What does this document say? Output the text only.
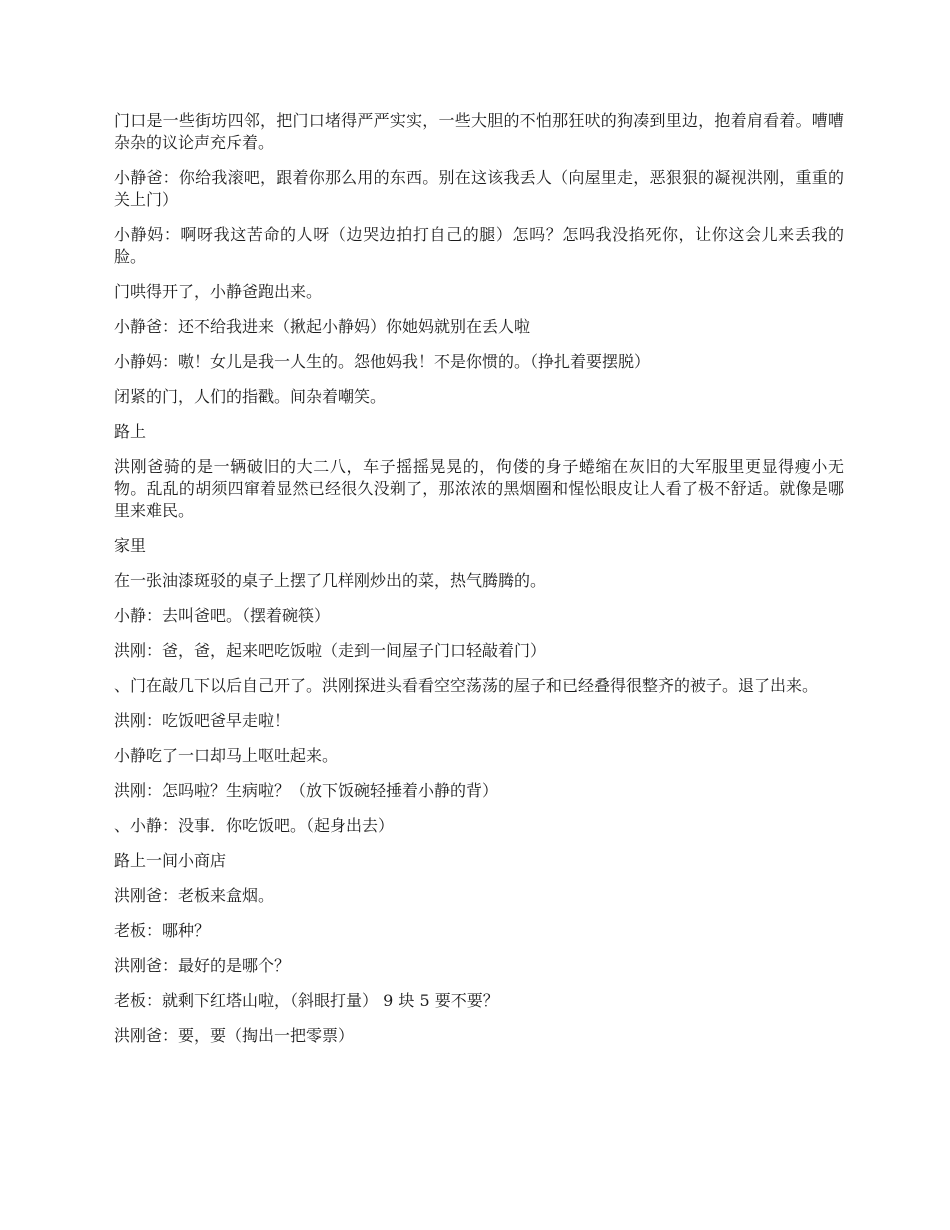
门口是一些街坊四邻，把门口堵得严严实实，一些大胆的不怕那狂吠的狗凑到里边，抱着肩看着。嘈嘈杂杂的议论声充斥着。

小静爸：你给我滚吧，跟着你那么用的东西。别在这该我丢人（向屋里走，恶狠狠的凝视洪刚，重重的关上门）

小静妈：啊呀我这苦命的人呀（边哭边拍打自己的腿）怎吗？怎吗我没掐死你，让你这会儿来丢我的脸。

门哄得开了，小静爸跑出来。

小静爸：还不给我进来（揪起小静妈）你她妈就别在丢人啦

小静妈：嗷！女儿是我一人生的。怨他妈我！不是你惯的。（挣扎着要摆脱）

闭紧的门，人们的指戳。间杂着嘲笑。

路上

洪刚爸骑的是一辆破旧的大二八，车子摇摇晃晃的，佝偻的身子蜷缩在灰旧的大军服里更显得瘦小无物。乱乱的胡须四窜着显然已经很久没剃了，那浓浓的黑烟圈和惺忪眼皮让人看了极不舒适。就像是哪里来难民。

家里

在一张油漆斑驳的桌子上摆了几样刚炒出的菜，热气腾腾的。

小静：去叫爸吧。（摆着碗筷）

洪刚：爸，爸，起来吧吃饭啦（走到一间屋子门口轻敲着门）

、门在敲几下以后自己开了。洪刚探进头看看空空荡荡的屋子和已经叠得很整齐的被子。退了出来。

洪刚：吃饭吧爸早走啦！

小静吃了一口却马上呕吐起来。

洪刚：怎吗啦？生病啦？（放下饭碗轻捶着小静的背）

、小静：没事．你吃饭吧。（起身出去）

路上一间小商店

洪刚爸：老板来盒烟。

老板：哪种？

洪刚爸：最好的是哪个？

老板：就剩下红塔山啦，（斜眼打量） 9 块 5 要不要？

洪刚爸：要，要（掏出一把零票）
